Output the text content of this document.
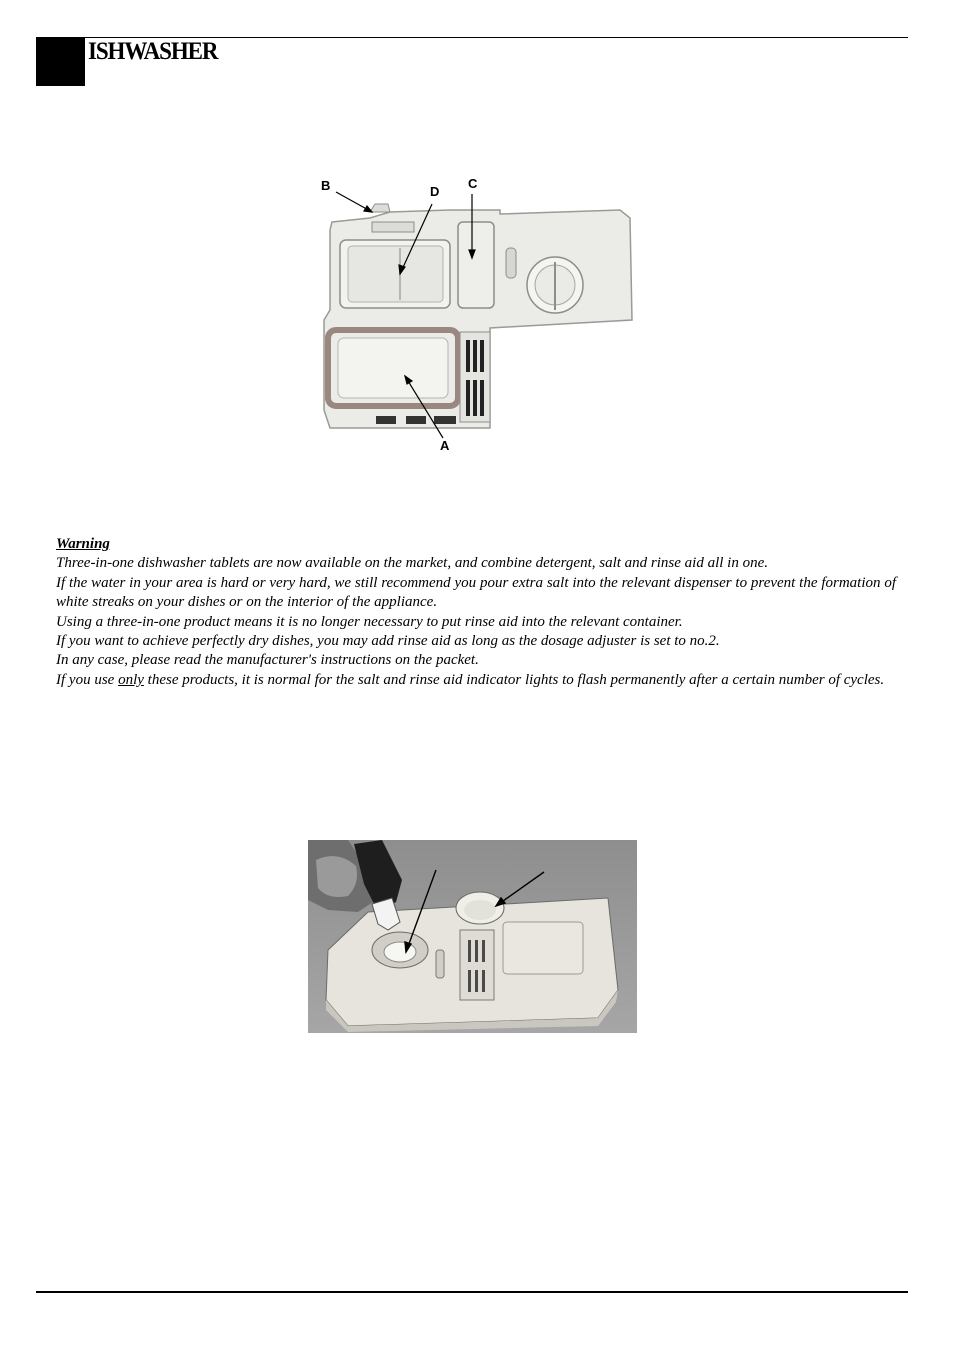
ISHWASHER
B	D
C
A

Warning

Three-in-one dishwasher tablets are now available on the market, and combine detergent, salt and rinse aid all in one.

If the water in your area is hard or very hard, we still recommend you pour extra salt into the relevant dispenser to prevent the formation of white streaks on your dishes or on the interior of the appliance.

Using a three-in-one product means it is no longer necessary to put rinse aid into the relevant container.

If you want to achieve perfectly dry dishes, you may add rinse aid as long as the dosage adjuster is set to no.2.

In any case, please read the manufacturer's instructions on the packet.

If you use only these products, it is normal for the salt and rinse aid indicator lights to flash permanently after a certain number of cycles.
